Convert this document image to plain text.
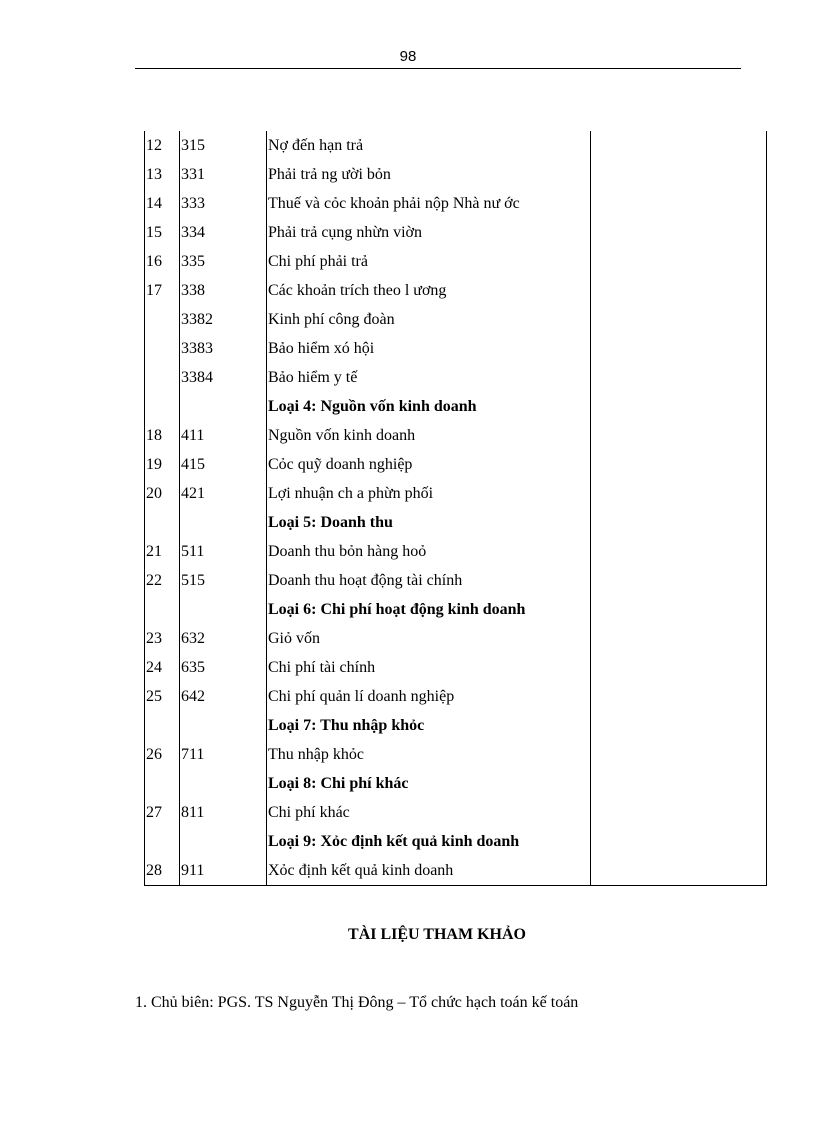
98
12	315	Nợ đến hạn trả	
13	331	Phải trả ng ười bỏn	
14	333	Thuế và cỏc khoản phải nộp Nhà nư ớc	
15	334	Phải trả cụng nhừn viờn	
16	335	Chi phí phải trả	
17	338	Các khoản trích theo l ương	
	3382	Kinh phí công đoàn	
	3383	Bảo hiểm xó hội	
	3384	Bảo hiểm y tế	
		Loại 4: Nguồn vốn kinh doanh	
18	411	Nguồn vốn kinh doanh	
19	415	Cỏc quỹ doanh nghiệp	
20	421	Lợi nhuận ch a phừn phối	
		Loại 5: Doanh thu	
21	511	Doanh thu bỏn hàng hoỏ	
22	515	Doanh thu hoạt động tài chính	
		Loại 6: Chi phí hoạt động kinh doanh	
23	632	Giỏ vốn	
24	635	Chi phí tài chính	
25	642	Chi phí quản lí doanh nghiệp	
		Loại 7: Thu nhập khỏc	
26	711	Thu nhập khỏc	
		Loại 8: Chi phí khác	
27	811	Chi phí khác	
		Loại 9: Xỏc định kết quả kinh doanh	
28	911	Xỏc định kết quả kinh doanh	
TÀI LIỆU THAM KHẢO
1. Chủ biên: PGS. TS Nguyễn Thị Đông – Tổ chức hạch toán kế toán
